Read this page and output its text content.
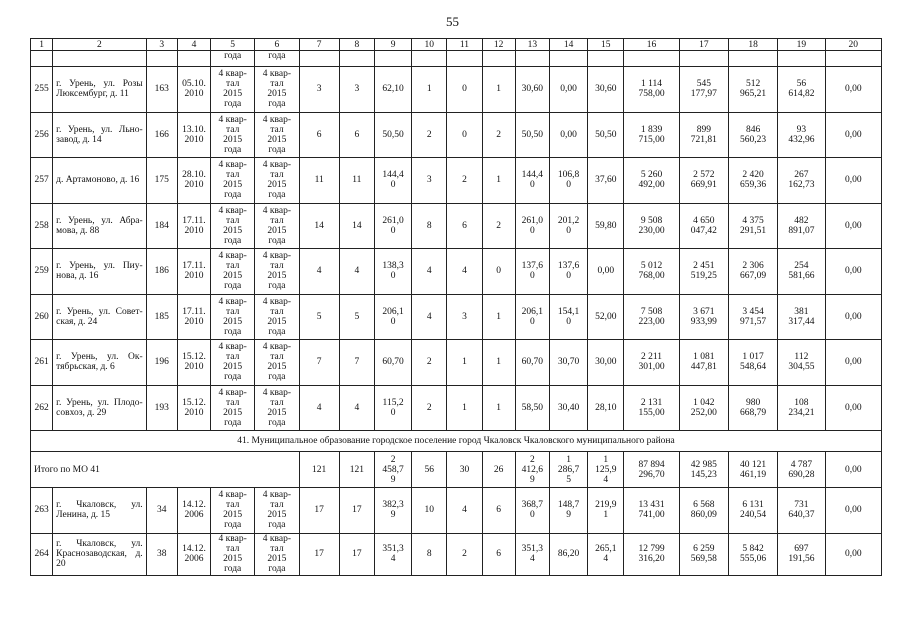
55
1	2	3	4	5	6	7	8	9	10	11	12	13	14	15	16	17	18	19	20
				года	года														
255	г. Урень, ул. Розы Люксембург, д. 11	163	05.10.
2010	4 квар-
тал
2015
года	4 квар-
тал
2015
года	3	3	62,10	1	0	1	30,60	0,00	30,60	1 114
758,00	545
177,97	512
965,21	56
614,82	0,00
256	г. Урень, ул. Льно-завод, д. 14	166	13.10.
2010	4 квар-
тал
2015
года	4 квар-
тал
2015
года	6	6	50,50	2	0	2	50,50	0,00	50,50	1 839
715,00	899
721,81	846
560,23	93
432,96	0,00
257	д. Артамоново, д. 16	175	28.10.
2010	4 квар-
тал
2015
года	4 квар-
тал
2015
года	11	11	144,4
0	3	2	1	144,4
0	106,8
0	37,60	5 260
492,00	2 572
669,91	2 420
659,36	267
162,73	0,00
258	г. Урень, ул. Абра-мова, д. 88	184	17.11.
2010	4 квар-
тал
2015
года	4 квар-
тал
2015
года	14	14	261,0
0	8	6	2	261,0
0	201,2
0	59,80	9 508
230,00	4 650
047,42	4 375
291,51	482
891,07	0,00
259	г. Урень, ул. Пиу-нова, д. 16	186	17.11.
2010	4 квар-
тал
2015
года	4 квар-
тал
2015
года	4	4	138,3
0	4	4	0	137,6
0	137,6
0	0,00	5 012
768,00	2 451
519,25	2 306
667,09	254
581,66	0,00
260	г. Урень, ул. Совет-ская, д. 24	185	17.11.
2010	4 квар-
тал
2015
года	4 квар-
тал
2015
года	5	5	206,1
0	4	3	1	206,1
0	154,1
0	52,00	7 508
223,00	3 671
933,99	3 454
971,57	381
317,44	0,00
261	г. Урень, ул. Ок-тябрьская, д. 6	196	15.12.
2010	4 квар-
тал
2015
года	4 квар-
тал
2015
года	7	7	60,70	2	1	1	60,70	30,70	30,00	2 211
301,00	1 081
447,81	1 017
548,64	112
304,55	0,00
262	г. Урень, ул. Плодо-совхоз, д. 29	193	15.12.
2010	4 квар-
тал
2015
года	4 квар-
тал
2015
года	4	4	115,2
0	2	1	1	58,50	30,40	28,10	2 131
155,00	1 042
252,00	980
668,79	108
234,21	0,00
41. Муниципальное образование городское поселение город Чкаловск Чкаловского муниципального района																			
Итого по МО 41						121	121	2
458,7
9	56	30	26	2
412,6
9	1
286,7
5	1
125,9
4	87 894
296,70	42 985
145,23	40 121
461,19	4 787
690,28	0,00
263	г. Чкаловск, ул. Ленина, д. 15	34	14.12.
2006	4 квар-
тал
2015
года	4 квар-
тал
2015
года	17	17	382,3
9	10	4	6	368,7
0	148,7
9	219,9
1	13 431
741,00	6 568
860,09	6 131
240,54	731
640,37	0,00
264	г. Чкаловск, ул. Краснозаводская, д. 20	38	14.12.
2006	4 квар-
тал
2015
года	4 квар-
тал
2015
года	17	17	351,3
4	8	2	6	351,3
4	86,20	265,1
4	12 799
316,20	6 259
569,58	5 842
555,06	697
191,56	0,00
